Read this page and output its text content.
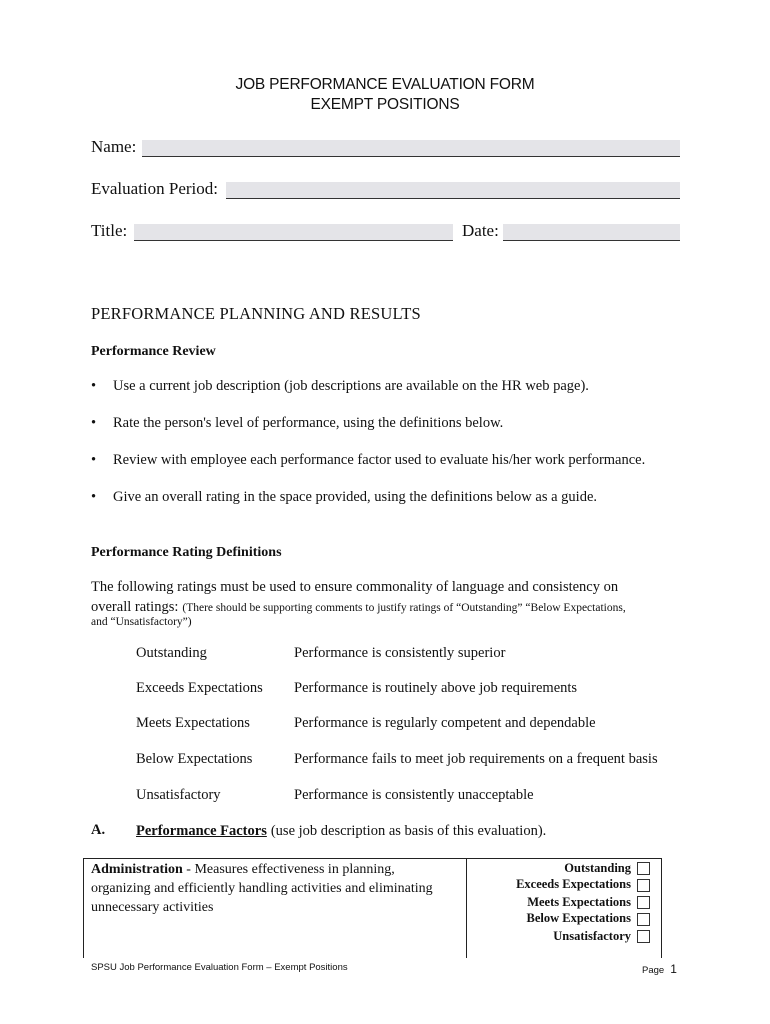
JOB PERFORMANCE EVALUATION FORM
EXEMPT POSITIONS
Name:
Evaluation Period:
Title:	Date:
PERFORMANCE PLANNING AND RESULTS
Performance Review
• Use a current job description (job descriptions are available on the HR web page).
• Rate the person's level of performance, using the definitions below.
• Review with employee each performance factor used to evaluate his/her work performance.
• Give an overall rating in the space provided, using the definitions below as a guide.
Performance Rating Definitions
The following ratings must be used to ensure commonality of language and consistency on
overall ratings: (There should be supporting comments to justify ratings of “Outstanding” “Below Expectations,
and “Unsatisfactory”)
Outstanding	Performance is consistently superior
Exceeds Expectations Performance is routinely above job requirements
Meets Expectations	Performance is regularly competent and dependable
Below Expectations	Performance fails to meet job requirements on a frequent basis
Unsatisfactory	Performance is consistently unacceptable
A. Performance Factors (use job description as basis of this evaluation).
Administration - Measures effectiveness in planning,
organizing and efficiently handling activities and eliminating
unnecessary activities
Outstanding
Exceeds Expectations
Meets Expectations
Below Expectations
Unsatisfactory
SPSU Job Performance Evaluation Form – Exempt Positions	Page 1
